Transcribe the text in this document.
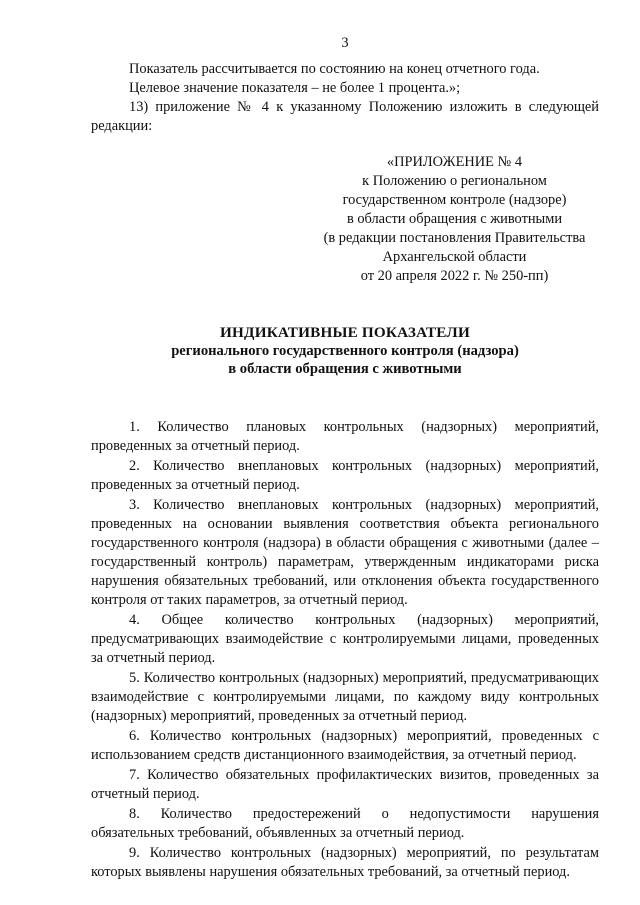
3

Показатель рассчитывается по состоянию на конец отчетного года.

Целевое значение показателя – не более 1 процента.»;

13) приложение № 4 к указанному Положению изложить в следующей редакции:

«ПРИЛОЖЕНИЕ № 4
к Положению о региональном
государственном контроле (надзоре)
в области обращения с животными
(в редакции постановления Правительства
Архангельской области
от 20 апреля 2022 г. № 250-пп)
ИНДИКАТИВНЫЕ ПОКАЗАТЕЛИ
регионального государственного контроля (надзора)
в области обращения с животными

1. Количество плановых контрольных (надзорных) мероприятий, проведенных за отчетный период.

2. Количество внеплановых контрольных (надзорных) мероприятий, проведенных за отчетный период.

3. Количество внеплановых контрольных (надзорных) мероприятий, проведенных на основании выявления соответствия объекта регионального государственного контроля (надзора) в области обращения с животными (далее – государственный контроль) параметрам, утвержденным индикаторами риска нарушения обязательных требований, или отклонения объекта государственного контроля от таких параметров, за отчетный период.

4. Общее количество контрольных (надзорных) мероприятий, предусматривающих взаимодействие с контролируемыми лицами, проведенных за отчетный период.

5. Количество контрольных (надзорных) мероприятий, предусматривающих взаимодействие с контролируемыми лицами, по каждому виду контрольных (надзорных) мероприятий, проведенных за отчетный период.

6. Количество контрольных (надзорных) мероприятий, проведенных с использованием средств дистанционного взаимодействия, за отчетный период.

7. Количество обязательных профилактических визитов, проведенных за отчетный период.

8. Количество предостережений о недопустимости нарушения обязательных требований, объявленных за отчетный период.

9. Количество контрольных (надзорных) мероприятий, по результатам которых выявлены нарушения обязательных требований, за отчетный период.
